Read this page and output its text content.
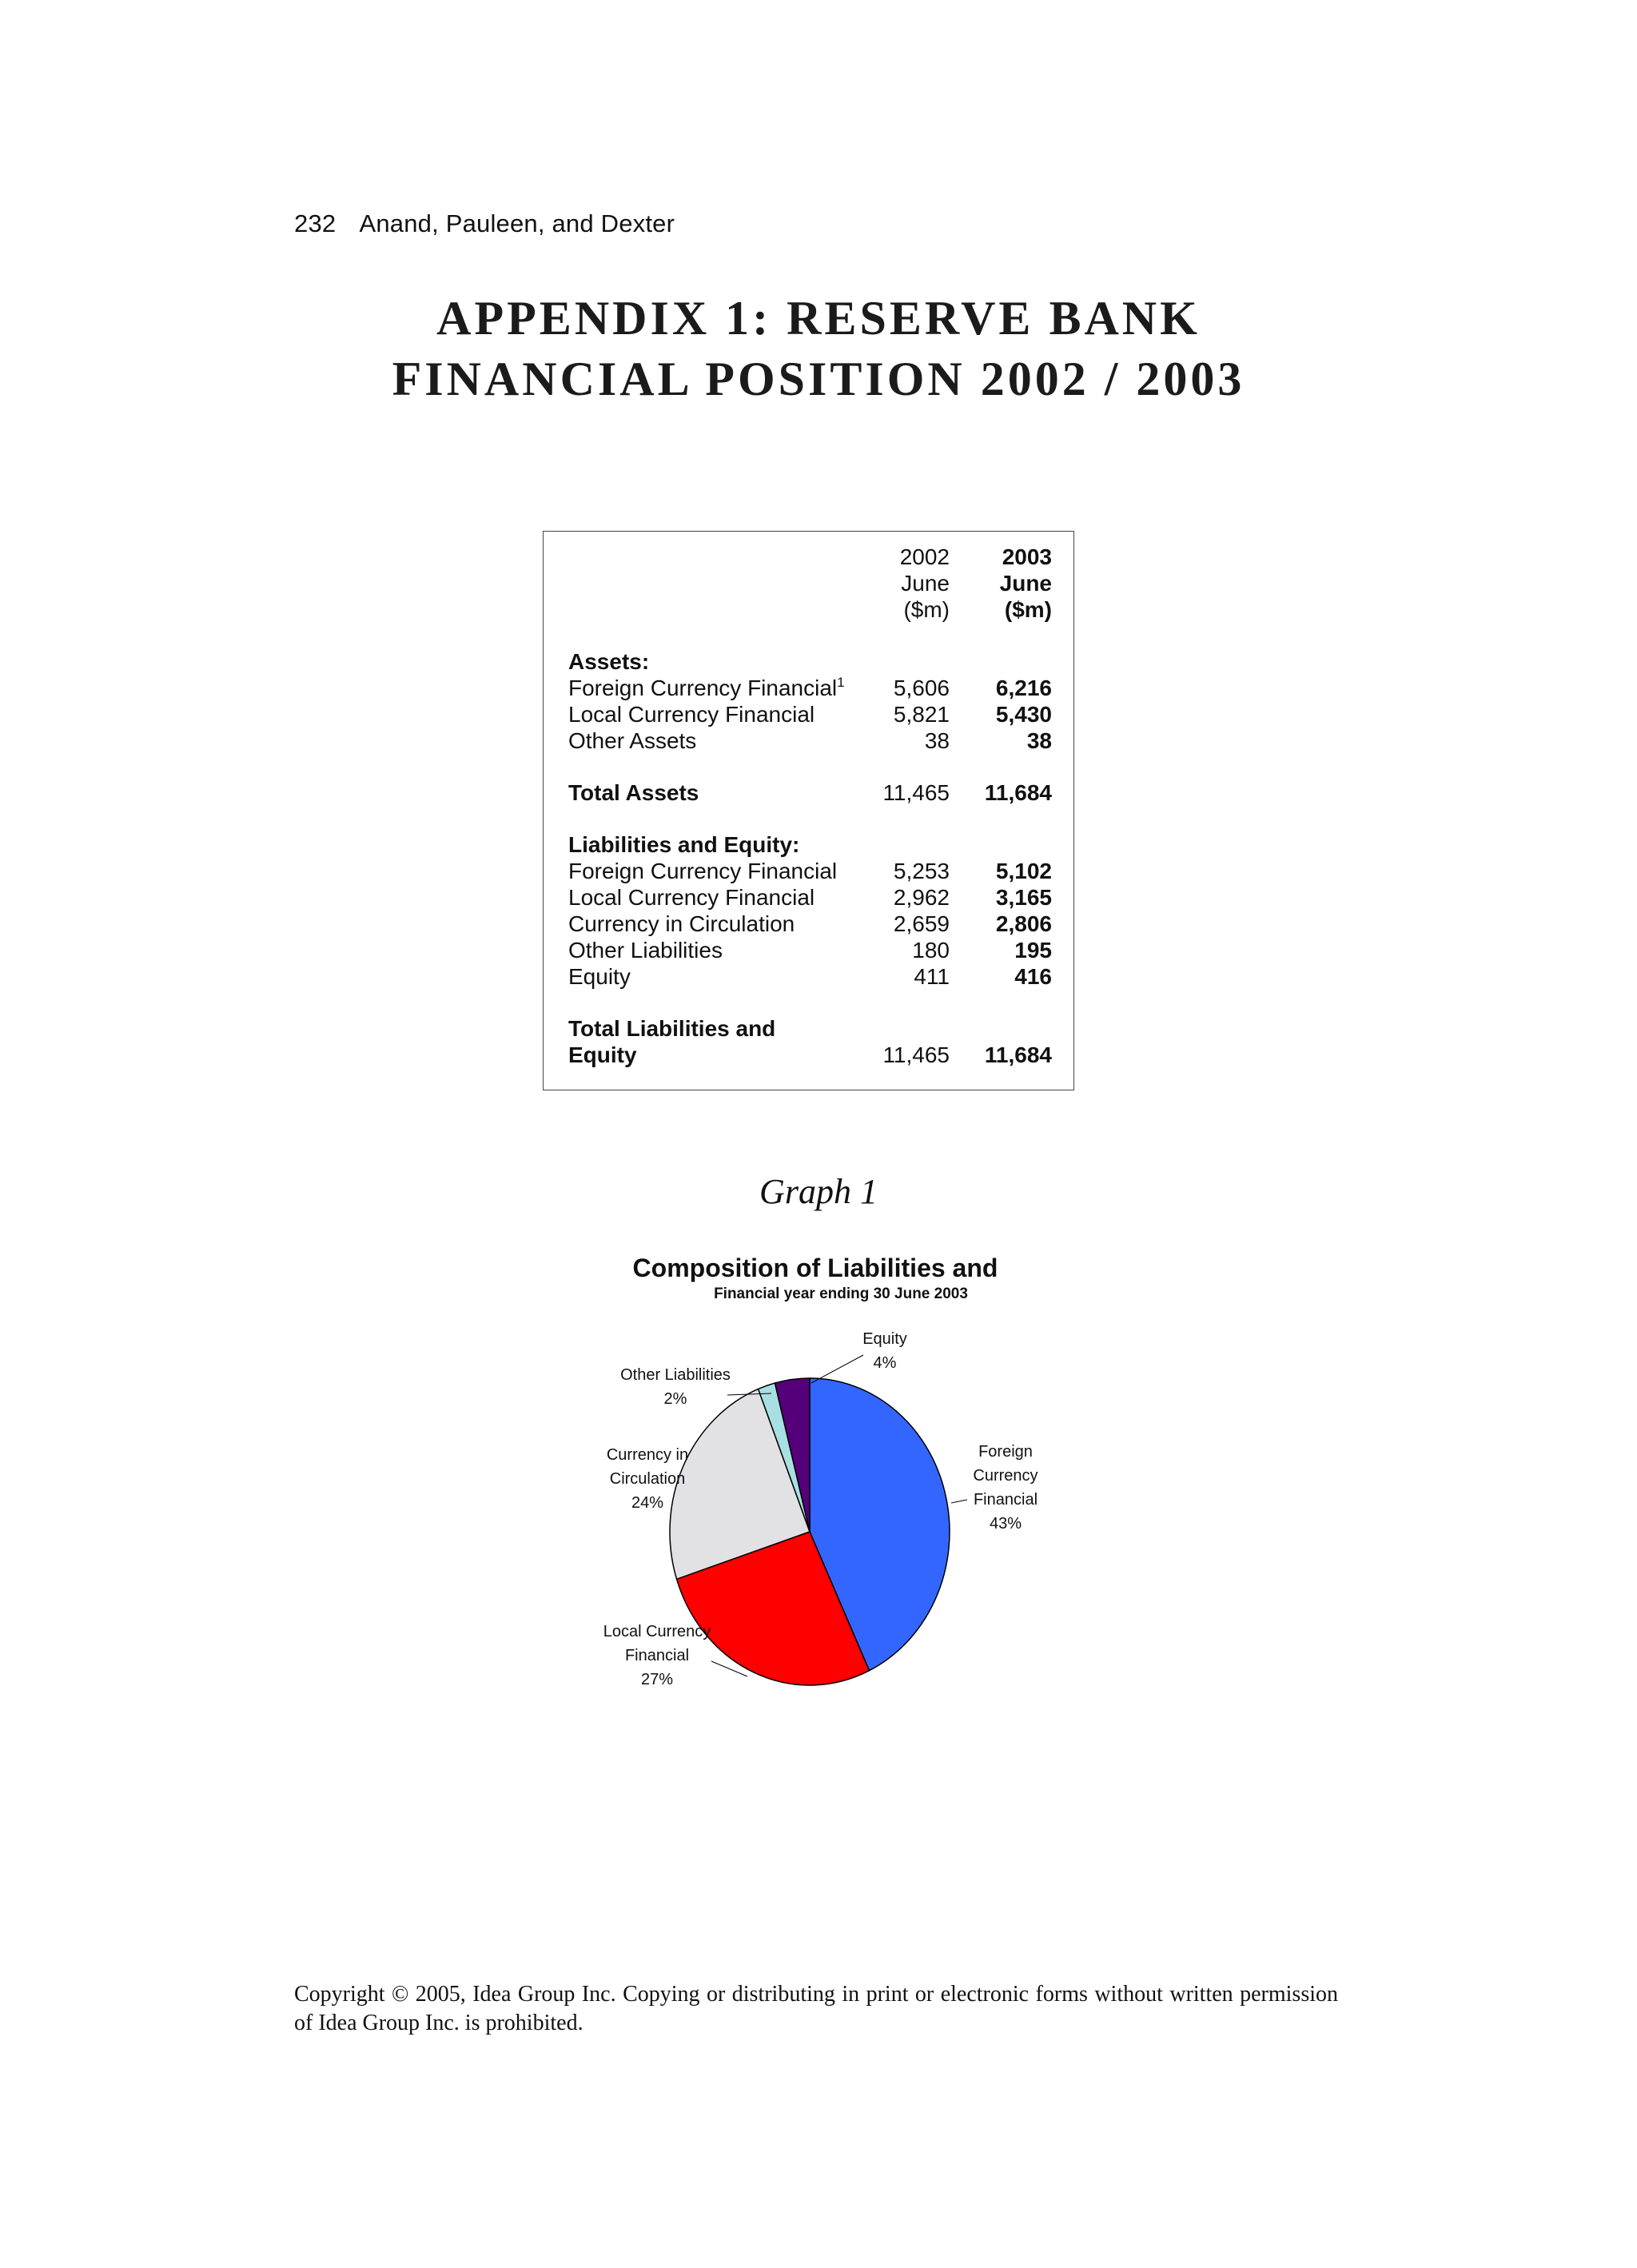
232 Anand, Pauleen, and Dexter
APPENDIX 1: RESERVE BANK
FINANCIAL POSITION 2002 / 2003
2002 2003
June June
($m) ($m)
Assets:
Foreign Currency Financial$^1$ 5,606 6,216
Local Currency Financial	5,821 5,430
Other Assets	38	38
Total Assets	11,465 11,684
Liabilities and Equity:
Foreign Currency Financial	5,253 5,102
Local Currency Financial	2,962 3,165
Currency in Circulation	2,659 2,806
Other Liabilities	180	195
Equity	411	416
Total Liabilities and
Equity	11,465 11,684
Graph 1
Composition of Liabilities and
Financial year ending 30 June 2003
Foreign
Currency
Financial
43%
Local Currency
Financial
27%
Currency in
Circulation
24%
Other Liabilities
2%
Equity
4%
Copyright © 2005, Idea Group Inc. Copying or distributing in print or electronic forms without written permission of Idea Group Inc. is prohibited.
